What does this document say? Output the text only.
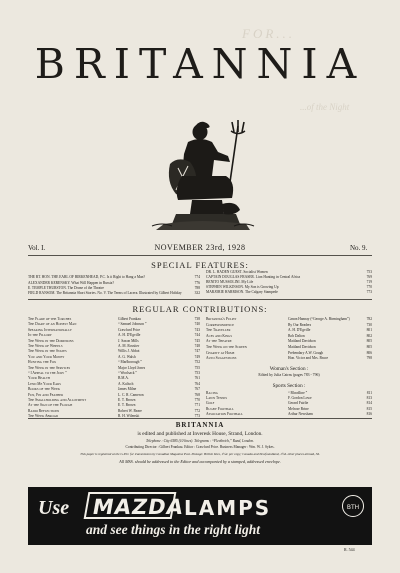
FOR...
...of the Night
BRITANNIA
Vol. I.	NOVEMBER 23rd, 1928	No. 9.
SPECIAL FEATURES:
THE RT. HON. THE EARL OF BIRKENHEAD, P.C. Is it Right to Hang a Man?	774
ALEXANDER KERENSKY. What Will Happen in Russia?	776
E. TEMPLE THURSTON. The Drone of the Theatre	788
FIELD RANSOM. The Britannia Short Stories. No. V. The Terms of Lacera. Illustrated by Gilbert Holiday	332
DR. L. HADEN GUEST. Socialist Women	753
CAPTAIN DOUGLAS FRASER. Lion Hunting in Central Africa	769
BENITO MUSSOLINI. My Life	719
STEPHEN WILKINSON. My Son is Growing Up	770
MARJORIE HARRISON. The Calgary Stampede	773
REGULAR CONTRIBUTIONS:
The Flare of the Torches	Gilbert Frankau	738
The Diary of an Honest Man	“ Samuel Johnson ”	740
Speaking Internationally	Crawfurd Price	743
In the Pillory	A. H. D'Egville	744
The Week in the Dominions	J. Saxon Mills	745
The Week of Wheels	A. M. Rossiter	748
The Week in the States	Willis J. Abbot	747
You and Your Money	A. G. Walsh	749
Hunting the Fox	“ Marlborough ”	752
The Week in the Services	Major Lloyd Jones	755
“ I Appeal to the Jury ”	“ Woolsack ”	753
Your Health	B.M.A.	761
Lend Me Your Ears	A. Kalisch	764
Books of the Week	James Milne	767
Fun, Fin and Feather	L. C. R. Cameron	768
The Smallholding and Allotment	E. T. Brown	770
At the Sign of the Plough	E. T. Brown	771
Radio Reflections	Robert W. Beare	772
The Week Abroad	R. H. Wilenski	773
Britannia's Pulpit	Canon Hannay (“George A. Birmingham”)	782
Correspondence	By Our Readers	730
The Traveller	A. H. D'Egville	801
Aces and Kings	Bob Dalton	802
At the Theatre	Maitland Davidson	805
The Week on the Screen	Maitland Davidson	805
Charity at Home	Prebendary A.W. Gough	806
Auto Suggestions	Hon. Victor and Mrs. Bruce	798
Racing	“ Bloodline ”	811
Lawn Tennis	F. Gordon Lowe	813
Golf	Gerard Fairlie	814
Rugby Football	Melrose Brine	815
Association Football	Arthur Newsham	816
Woman's Section :
Edited by Julia Cairns (pages 783 - 796)
Sports Section :
BRITANNIA
is edited and published at Inveresk House, Strand, London.
Telephone : City 6585 (10 lines). Telegrams : “Fleetbrich,” Rand, London.
Contributing Director : Gilbert Frankau. Editor : Crawfurd Price. Business Manager : Wm. W. J. Sykes.
This paper is registered at the G.P.O. for transmission by Canadian Magazine Post. Postage: British Isles, 1½d. per copy; Canada and Newfoundland, 1½d. other places abroad, 3d.
All MSS. should be addressed to the Editor and accompanied by a stamped, addressed envelope.
Use MAZDA
LAMPS	BTH
and see things in the right light
R. 544
